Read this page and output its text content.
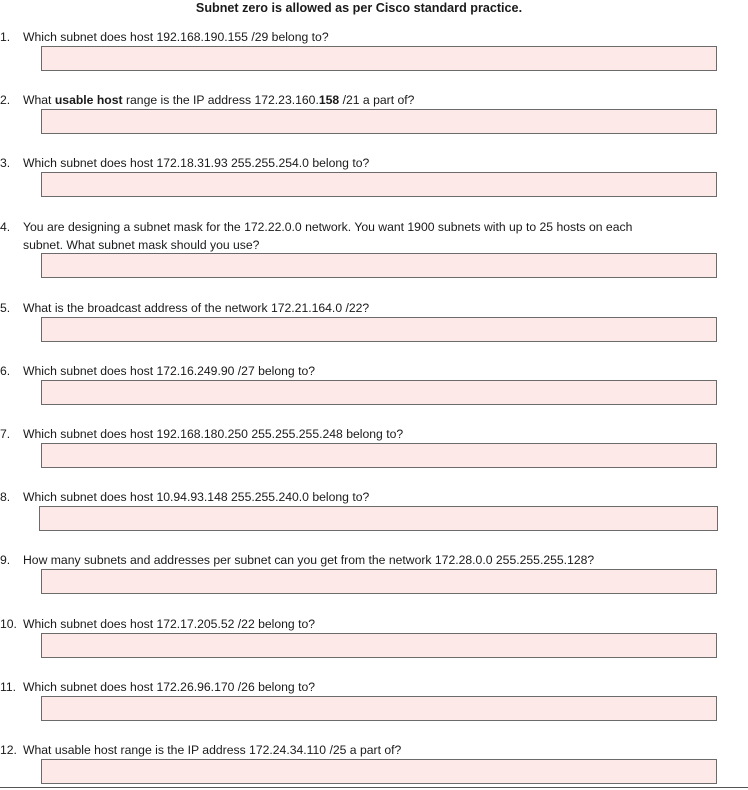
Subnet zero is allowed as per Cisco standard practice.
1. Which subnet does host 192.168.190.155 /29 belong to?
2. What usable host range is the IP address 172.23.160.158 /21 a part of?
3. Which subnet does host 172.18.31.93 255.255.254.0 belong to?
4. You are designing a subnet mask for the 172.22.0.0 network. You want 1900 subnets with up to 25 hosts on each
subnet. What subnet mask should you use?
5. What is the broadcast address of the network 172.21.164.0 /22?
6. Which subnet does host 172.16.249.90 /27 belong to?
7. Which subnet does host 192.168.180.250 255.255.255.248 belong to?
8. Which subnet does host 10.94.93.148 255.255.240.0 belong to?
9. How many subnets and addresses per subnet can you get from the network 172.28.0.0 255.255.255.128?
10. Which subnet does host 172.17.205.52 /22 belong to?
11. Which subnet does host 172.26.96.170 /26 belong to?
12. What usable host range is the IP address 172.24.34.110 /25 a part of?
